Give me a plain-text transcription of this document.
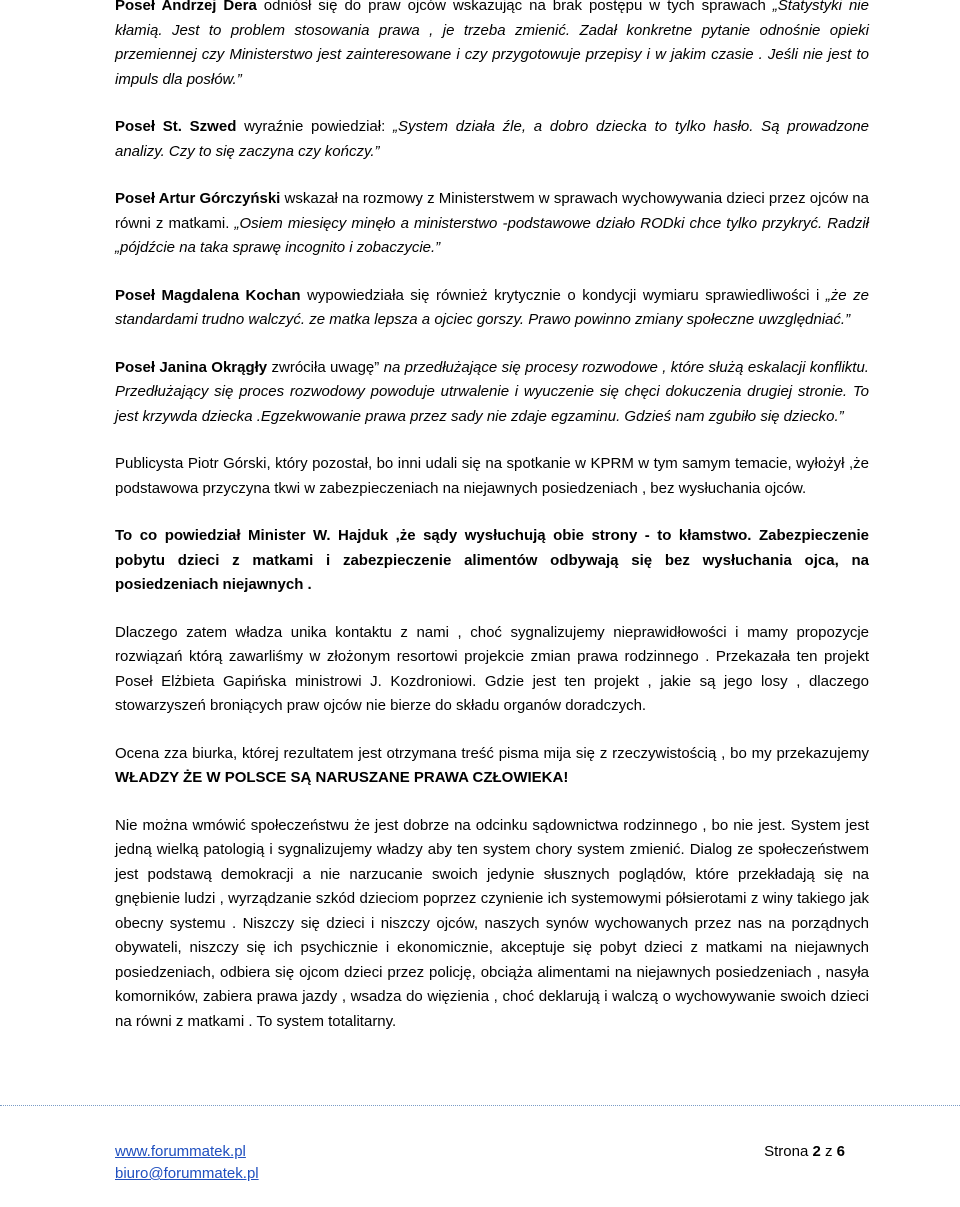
Poseł Andrzej Dera odniósł się do praw ojców wskazując na brak postępu w tych sprawach „Statystyki nie kłamią. Jest to problem stosowania prawa , je trzeba zmienić. Zadał konkretne pytanie odnośnie opieki przemiennej czy Ministerstwo jest zainteresowane i czy przygotowuje przepisy i w jakim czasie . Jeśli nie jest to impuls dla posłów.”

Poseł St. Szwed wyraźnie powiedział: „System działa źle, a dobro dziecka to tylko hasło. Są prowadzone analizy. Czy to się zaczyna czy kończy.”

Poseł Artur Górczyński wskazał na rozmowy z Ministerstwem w sprawach wychowywania dzieci przez ojców na równi z matkami. „Osiem miesięcy minęło a ministerstwo -podstawowe działo RODki chce tylko przykryć. Radził „pójdźcie na taka sprawę incognito i zobaczycie.”

Poseł Magdalena Kochan wypowiedziała się również krytycznie o kondycji wymiaru sprawiedliwości i „że ze standardami trudno walczyć. ze matka lepsza a ojciec gorszy. Prawo powinno zmiany społeczne uwzględniać.”

Poseł Janina Okrągły zwróciła uwagę” na przedłużające się procesy rozwodowe , które służą eskalacji konfliktu. Przedłużający się proces rozwodowy powoduje utrwalenie i wyuczenie się chęci dokuczenia drugiej stronie. To jest krzywda dziecka .Egzekwowanie prawa przez sady nie zdaje egzaminu. Gdzieś nam zgubiło się dziecko.”

Publicysta Piotr Górski, który pozostał, bo inni udali się na spotkanie w KPRM w tym samym temacie, wyłożył ,że podstawowa przyczyna tkwi w zabezpieczeniach na niejawnych posiedzeniach , bez wysłuchania ojców.

To co powiedział Minister W. Hajduk ,że sądy wysłuchują obie strony - to kłamstwo. Zabezpieczenie pobytu dzieci z matkami i zabezpieczenie alimentów odbywają się bez wysłuchania ojca, na posiedzeniach niejawnych .

Dlaczego zatem władza unika kontaktu z nami , choć sygnalizujemy nieprawidłowości i mamy propozycje rozwiązań którą zawarliśmy w złożonym resortowi projekcie zmian prawa rodzinnego . Przekazała ten projekt Poseł Elżbieta Gapińska ministrowi J. Kozdroniowi. Gdzie jest ten projekt , jakie są jego losy , dlaczego stowarzyszeń broniących praw ojców nie bierze do składu organów doradczych.

Ocena zza biurka, której rezultatem jest otrzymana treść pisma mija się z rzeczywistością , bo my przekazujemy WŁADZY ŻE W POLSCE SĄ NARUSZANE PRAWA CZŁOWIEKA!

Nie można wmówić społeczeństwu że jest dobrze na odcinku sądownictwa rodzinnego , bo nie jest. System jest jedną wielką patologią i sygnalizujemy władzy aby ten system chory system zmienić. Dialog ze społeczeństwem jest podstawą demokracji a nie narzucanie swoich jedynie słusznych poglądów, które przekładają się na gnębienie ludzi , wyrządzanie szkód dzieciom poprzez czynienie ich systemowymi półsierotami z winy takiego jak obecny systemu . Niszczy się dzieci i niszczy ojców, naszych synów wychowanych przez nas na porządnych obywateli, niszczy się ich psychicznie i ekonomicznie, akceptuje się pobyt dzieci z matkami na niejawnych posiedzeniach, odbiera się ojcom dzieci przez policję, obciąża alimentami na niejawnych posiedzeniach , nasyła komorników, zabiera prawa jazdy , wsadza do więzienia , choć deklarują i walczą o wychowywanie swoich dzieci na równi z matkami . To system totalitarny.

www.forummatek.pl
biuro@forummatek.pl
Strona 2 z 6
